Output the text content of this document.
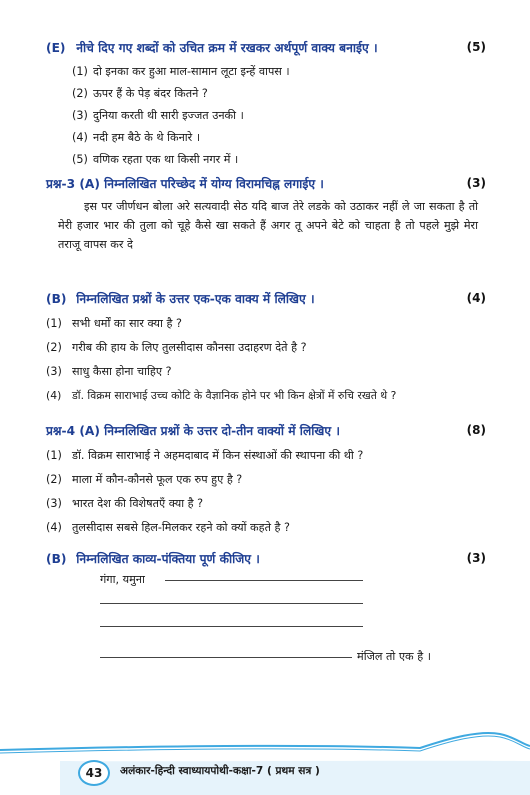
(E) नीचे दिए गए शब्दों को उचित क्रम में रखकर अर्थपूर्ण वाक्य बनाईए ।	(5)
(1) दो इनका कर हुआ माल-सामान लूटा इन्हें वापस ।
(2) ऊपर हैं के पेड़ बंदर कितने ?
(3) दुनिया करती थी सारी इज्जत उनकी ।
(4) नदी हम बैठे के थे किनारे ।
(5) वणिक रहता एक था किसी नगर में ।
प्रश्न-3 (A) निम्नलिखित परिच्छेद में योग्य विरामचिह्न लगाईए ।	(3)

इस पर जीर्णधन बोला अरे सत्यवादी सेठ यदि बाज तेरे लडके को उठाकर नहीं ले जा सकता है तो मेरी हजार भार की तुला को चूहे कैसे खा सकते हैं अगर तू अपने बेटे को चाहता है तो पहले मुझे मेरा तराजू वापस कर दे

(B) निम्नलिखित प्रश्नों के उत्तर एक-एक वाक्य में लिखिए ।	(4)
(1) सभी धर्मों का सार क्या है ?
(2) गरीब की हाय के लिए तुलसीदास कौनसा उदाहरण देते है ?
(3) साधु कैसा होना चाहिए ?
(4) डॉ. विक्रम साराभाई उच्च कोटि के वैज्ञानिक होने पर भी किन क्षेत्रों में रुचि रखते थे ?
प्रश्न-4 (A) निम्नलिखित प्रश्नों के उत्तर दो-तीन वाक्यों में लिखिए ।	(8)
(1) डॉ. विक्रम साराभाई ने अहमदाबाद में किन संस्थाओं की स्थापना की थी ?
(2) माला में कौन-कौनसे फूल एक रुप हुए है ?
(3) भारत देश की विशेषतएँ क्या है ?
(4) तुलसीदास सबसे हिल-मिलकर रहने को क्यों कहते है ?
(B) निम्नलिखित काव्य-पंक्तिया पूर्ण कीजिए ।	(3)
गंगा, यमुना
मंजिल तो एक है ।
43	अलंकार-हिन्दी स्वाध्यायपोथी-कक्षा-7 ( प्रथम सत्र )
